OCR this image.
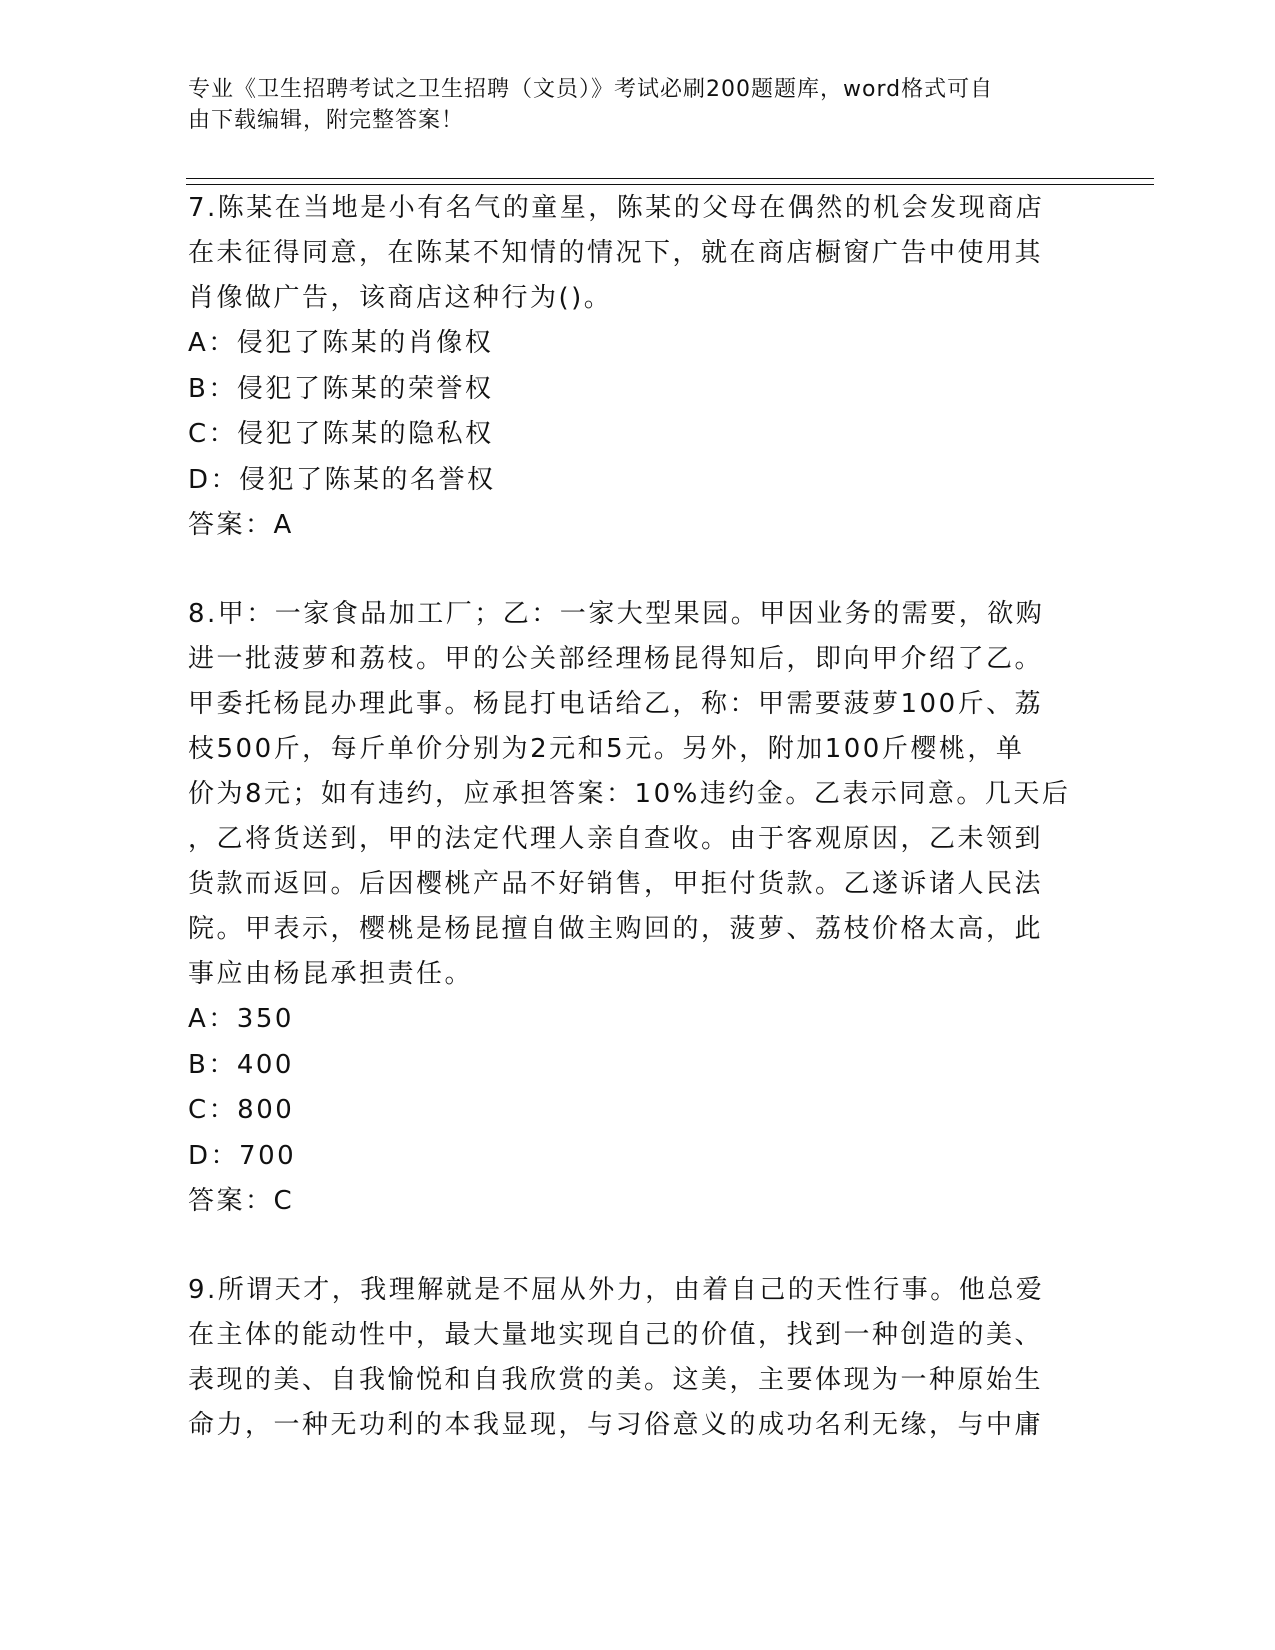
专业《卫生招聘考试之卫生招聘（文员）》考试必刷200题题库，word格式可自
由下载编辑，附完整答案！
7.陈某在当地是小有名气的童星，陈某的父母在偶然的机会发现商店
在未征得同意，在陈某不知情的情况下，就在商店橱窗广告中使用其
肖像做广告，该商店这种行为()。
A：侵犯了陈某的肖像权
B：侵犯了陈某的荣誉权
C：侵犯了陈某的隐私权
D：侵犯了陈某的名誉权
答案：A
8.甲：一家食品加工厂；乙：一家大型果园。甲因业务的需要，欲购
进一批菠萝和荔枝。甲的公关部经理杨昆得知后，即向甲介绍了乙。
甲委托杨昆办理此事。杨昆打电话给乙，称：甲需要菠萝100斤、荔
枝500斤，每斤单价分别为2元和5元。另外，附加100斤樱桃，单
价为8元；如有违约，应承担答案：10%违约金。乙表示同意。几天后
，乙将货送到，甲的法定代理人亲自查收。由于客观原因，乙未领到
货款而返回。后因樱桃产品不好销售，甲拒付货款。乙遂诉诸人民法
院。甲表示，樱桃是杨昆擅自做主购回的，菠萝、荔枝价格太高，此
事应由杨昆承担责任。
A：350
B：400
C：800
D：700
答案：C
9.所谓天才，我理解就是不屈从外力，由着自己的天性行事。他总爱
在主体的能动性中，最大量地实现自己的价值，找到一种创造的美、
表现的美、自我愉悦和自我欣赏的美。这美，主要体现为一种原始生
命力，一种无功利的本我显现，与习俗意义的成功名利无缘，与中庸
